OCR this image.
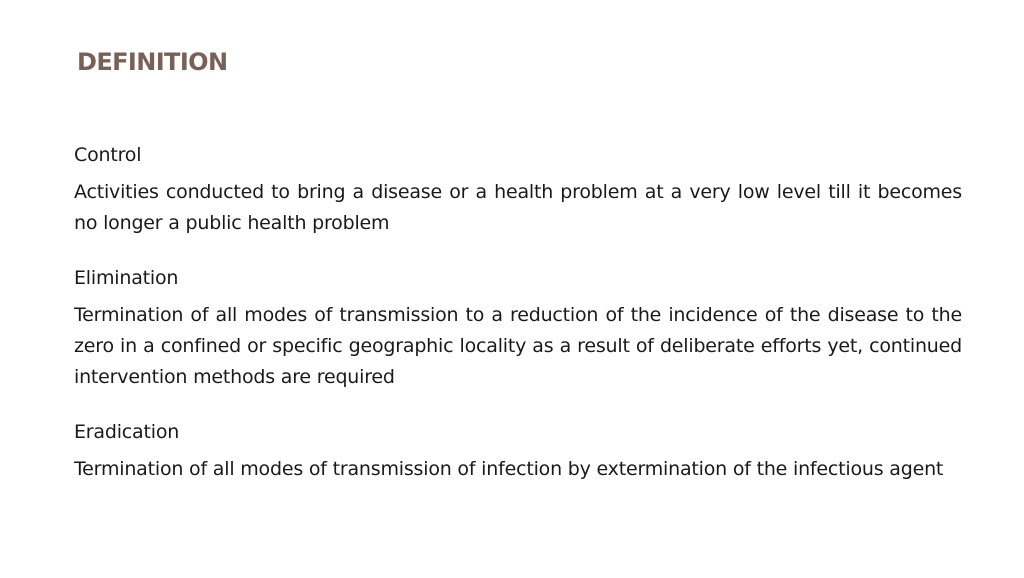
DEFINITION

Control

Activities conducted to bring a disease or a health problem at a very low level till it becomes no longer a public health problem

Elimination

Termination of all modes of transmission to a reduction of the incidence of the disease to the zero in a confined or specific geographic locality as a result of deliberate efforts yet, continued intervention methods are required

Eradication

Termination of all modes of transmission of infection by extermination of the infectious agent
